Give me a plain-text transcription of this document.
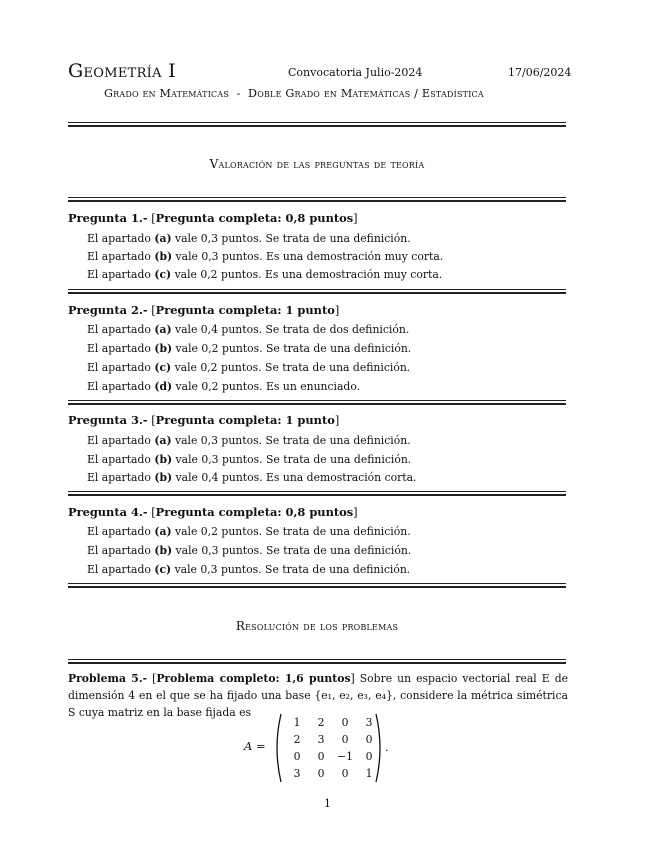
Geometría I	Convocatoria Julio-2024	17/06/2024
Grado en Matemáticas  -  Doble Grado en Matemáticas / Estadística
Valoración de las preguntas de teoría
Pregunta 1.- [Pregunta completa: 0,8 puntos]
El apartado (a) vale 0,3 puntos. Se trata de una definición.
El apartado (b) vale 0,3 puntos. Es una demostración muy corta.
El apartado (c) vale 0,2 puntos. Es una demostración muy corta.
Pregunta 2.- [Pregunta completa: 1 punto]
El apartado (a) vale 0,4 puntos. Se trata de dos definición.
El apartado (b) vale 0,2 puntos. Se trata de una definición.
El apartado (c) vale 0,2 puntos. Se trata de una definición.
El apartado (d) vale 0,2 puntos. Es un enunciado.
Pregunta 3.- [Pregunta completa: 1 punto]
El apartado (a) vale 0,3 puntos. Se trata de una definición.
El apartado (b) vale 0,3 puntos. Se trata de una definición.
El apartado (b) vale 0,4 puntos. Es una demostración corta.
Pregunta 4.- [Pregunta completa: 0,8 puntos]
El apartado (a) vale 0,2 puntos. Se trata de una definición.
El apartado (b) vale 0,3 puntos. Se trata de una definición.
El apartado (c) vale 0,3 puntos. Se trata de una definición.
Resolución de los problemas
Problema 5.- [Problema completo: 1,6 puntos] Sobre un espacio vectorial real E de dimensión 4 en el que se ha fijado una base {e₁, e₂, e₃, e₄}, considere la métrica simétrica S cuya matriz en la base fijada es
A =
1	2	0	3
2	3	0	0
0	0	−1	0
3	0	0	1
.
1
